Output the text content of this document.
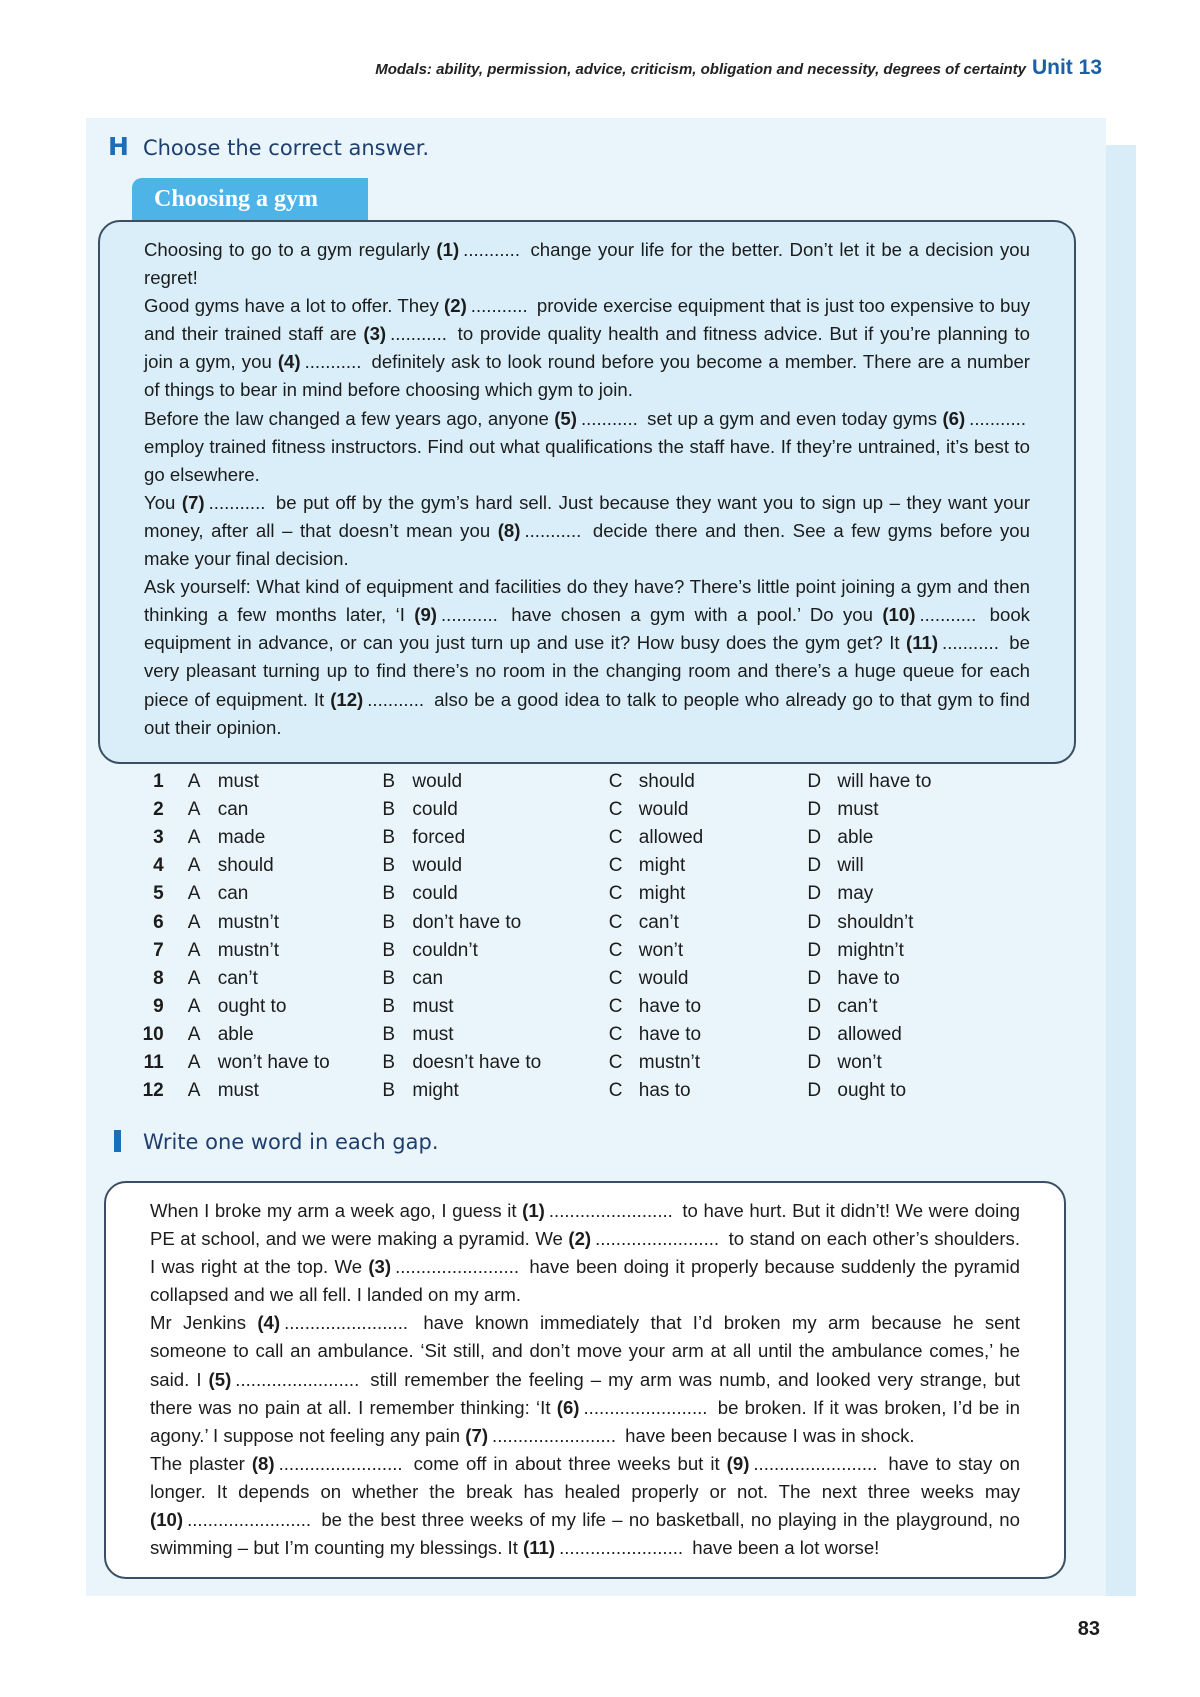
Modals: ability, permission, advice, criticism, obligation and necessity, degrees of certainty Unit 13
H Choose the correct answer.
Choosing a gym

Choosing to go to a gym regularly (1) ........... change your life for the better. Don’t let it be a decision you regret!

Good gyms have a lot to offer. They (2) ........... provide exercise equipment that is just too expensive to buy and their trained staff are (3) ........... to provide quality health and fitness advice. But if you’re planning to join a gym, you (4) ........... definitely ask to look round before you become a member. There are a number of things to bear in mind before choosing which gym to join.

Before the law changed a few years ago, anyone (5) ........... set up a gym and even today gyms (6) ........... employ trained fitness instructors. Find out what qualifications the staff have. If they’re untrained, it’s best to go elsewhere.

You (7) ........... be put off by the gym’s hard sell. Just because they want you to sign up – they want your money, after all – that doesn’t mean you (8) ........... decide there and then. See a few gyms before you make your final decision.

Ask yourself: What kind of equipment and facilities do they have? There’s little point joining a gym and then thinking a few months later, ‘I (9) ........... have chosen a gym with a pool.’ Do you (10) ........... book equipment in advance, or can you just turn up and use it? How busy does the gym get? It (11) ........... be very pleasant turning up to find there’s no room in the changing room and there’s a huge queue for each piece of equipment. It (12) ........... also be a good idea to talk to people who already go to that gym to find out their opinion.

1	A must	B would	C should	D will have to
2	A can	B could	C would	D must
3	A made	B forced	C allowed	D able
4	A should	B would	C might	D will
5	A can	B could	C might	D may
6	A mustn’t	B don’t have to	C can’t	D shouldn’t
7	A mustn’t	B couldn’t	C won’t	D mightn’t
8	A can’t	B can	C would	D have to
9	A ought to	B must	C have to	D can’t
10	A able	B must	C have to	D allowed
11	A won’t have to	B doesn’t have to	C mustn’t	D won’t
12	A must	B might	C has to	D ought to
Write one word in each gap.

When I broke my arm a week ago, I guess it (1) ........................ to have hurt. But it didn’t! We were doing PE at school, and we were making a pyramid. We (2) ........................ to stand on each other’s shoulders. I was right at the top. We (3) ........................ have been doing it properly because suddenly the pyramid collapsed and we all fell. I landed on my arm.

Mr Jenkins (4) ........................ have known immediately that I’d broken my arm because he sent someone to call an ambulance. ‘Sit still, and don’t move your arm at all until the ambulance comes,’ he said. I (5) ........................ still remember the feeling – my arm was numb, and looked very strange, but there was no pain at all. I remember thinking: ‘It (6) ........................ be broken. If it was broken, I’d be in agony.’ I suppose not feeling any pain (7) ........................ have been because I was in shock.

The plaster (8) ........................ come off in about three weeks but it (9) ........................ have to stay on longer. It depends on whether the break has healed properly or not. The next three weeks may (10) ........................ be the best three weeks of my life – no basketball, no playing in the playground, no swimming – but I’m counting my blessings. It (11) ........................ have been a lot worse!

83
